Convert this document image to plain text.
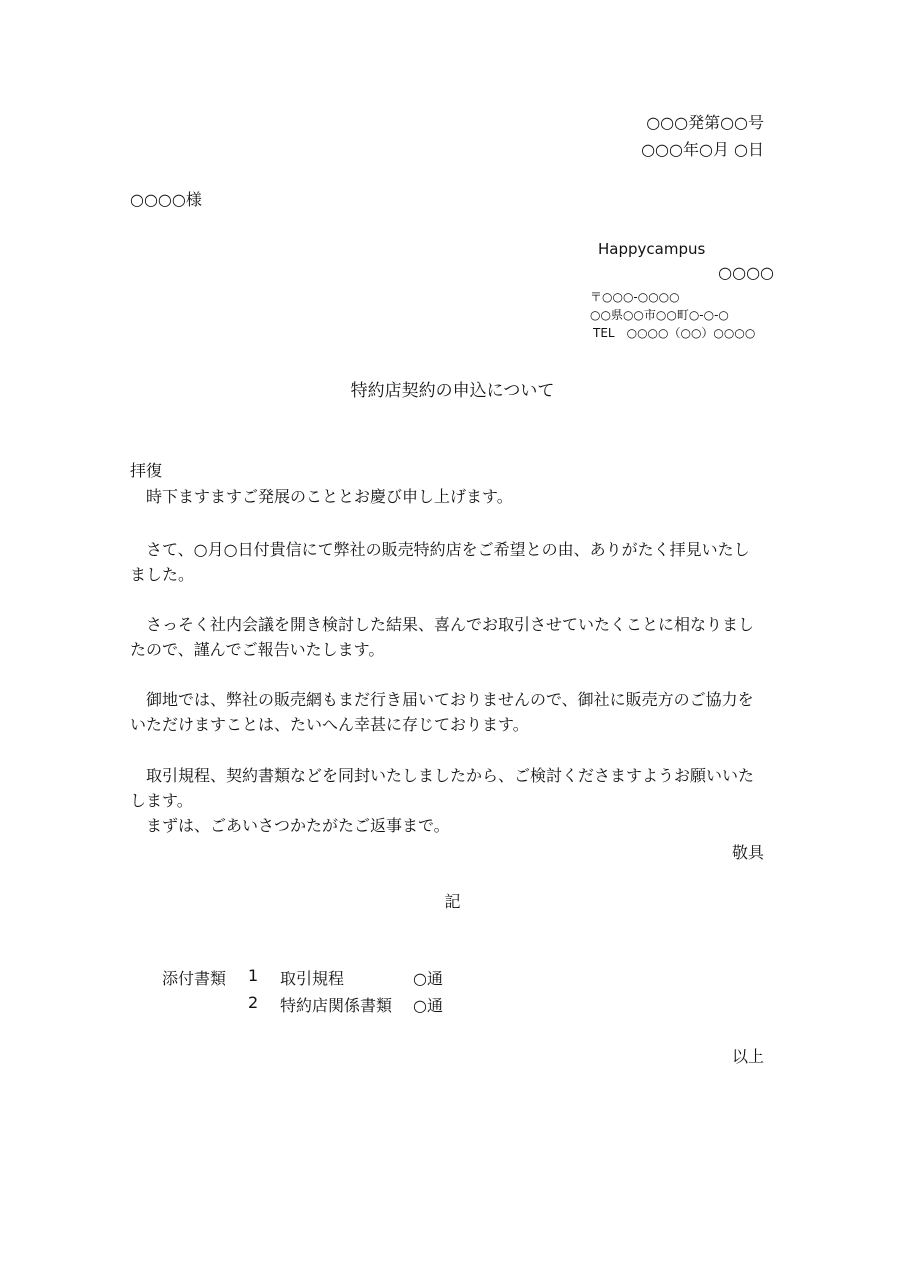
○○○発第○○号
○○○年○月 ○日
○○○○様
Happycampus
○○○○
〒○○○-○○○○
○○県○○市○○町○-○-○
TEL　○○○○（○○）○○○○
特約店契約の申込について
拝復
　時下ますますご発展のこととお慶び申し上げます。
　さて、○月○日付貴信にて弊社の販売特約店をご希望との由、ありがたく拝見いたし
ました。
　さっそく社内会議を開き検討した結果、喜んでお取引させていたくことに相なりまし
たので、謹んでご報告いたします。
　御地では、弊社の販売網もまだ行き届いておりませんので、御社に販売方のご協力を
いただけますことは、たいへん幸甚に存じております。
　取引規程、契約書類などを同封いたしましたから、ご検討くださますようお願いいた
します。
　まずは、ごあいさつかたがたご返事まで。
敬具
記
添付書類 1 取引規程	○通
2 特約店関係書類 ○通
以上
